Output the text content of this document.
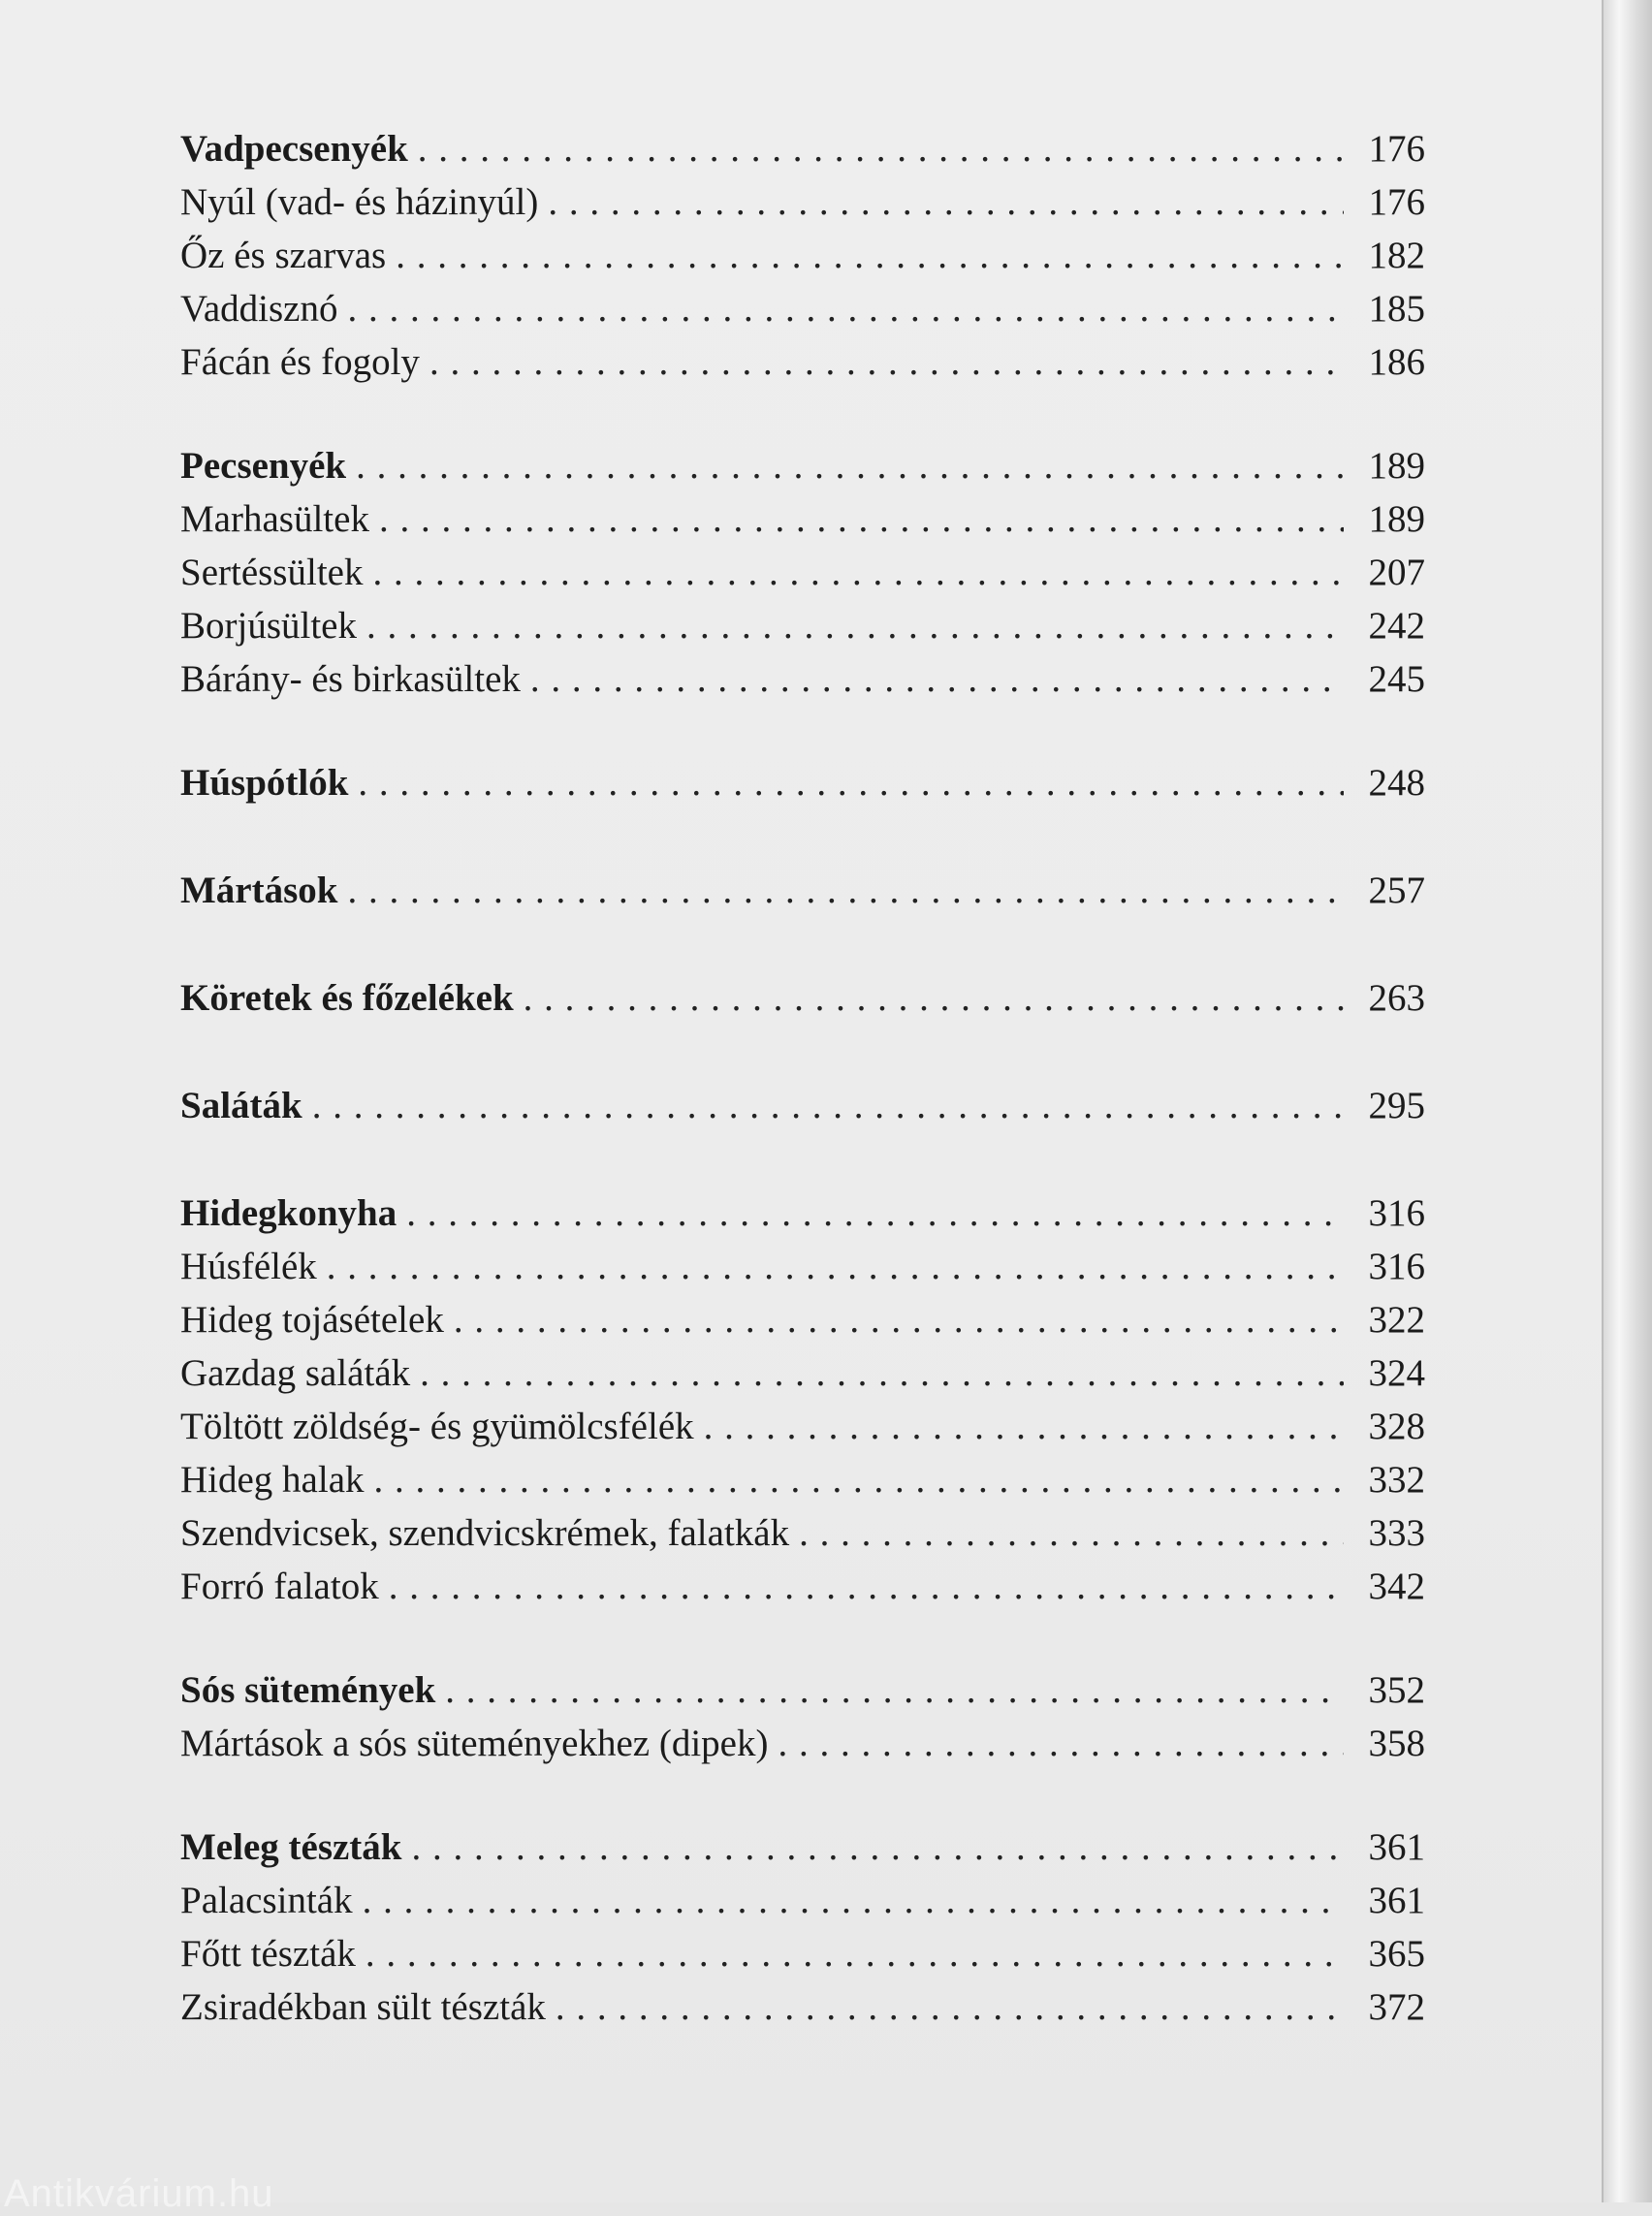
Vadpecsenyék . . .	176
Nyúl (vad- és házinyúl) . . .	176
Őz és szarvas . . .	182
Vaddisznó . . .	185
Fácán és fogoly . . .	186
Pecsenyék . . .	189
Marhasültek . . .	189
Sertéssültek . . .	207
Borjúsültek . . .	242
Bárány- és birkasültek . . .	245
Húspótlók . . .	248
Mártások . . .	257
Köretek és főzelékek . . .	263
Saláták . . .	295
Hidegkonyha . . .	316
Húsfélék . . .	316
Hideg tojásételek . . .	322
Gazdag saláták . . .	324
Töltött zöldség- és gyümölcsfélék . . .	328
Hideg halak . . .	332
Szendvicsek, szendvicskrémek, falatkák . . .	333
Forró falatok . . .	342
Sós sütemények . . .	352
Mártások a sós süteményekhez (dipek) . . .	358
Meleg tészták . . .	361
Palacsinták . . .	361
Főtt tészták . . .	365
Zsiradékban sült tészták . . .	372
Antikvárium.hu
